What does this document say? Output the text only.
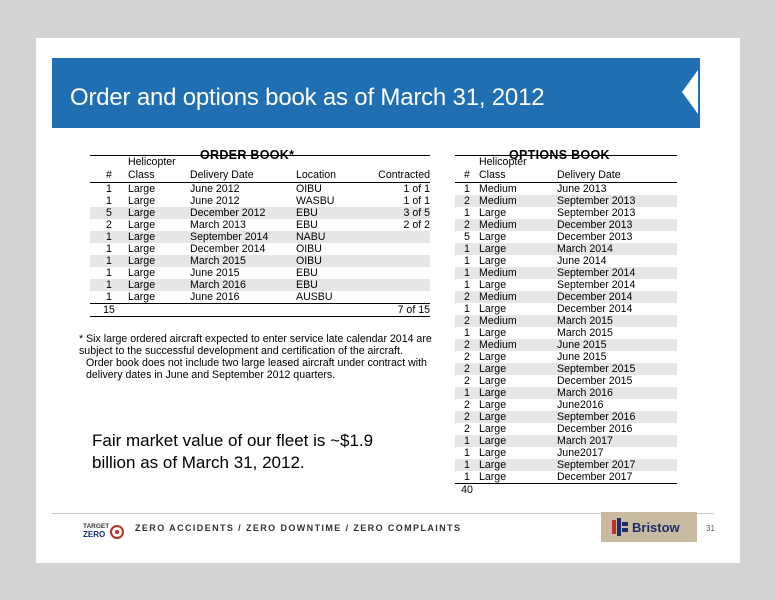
Order and options book as of March 31, 2012
ORDER BOOK*
	Helicopter			
#	Class	Delivery Date	Location	Contracted
1	Large	June 2012	OIBU	1 of 1
1	Large	June 2012	WASBU	1 of 1
5	Large	December 2012	EBU	3 of 5
2	Large	March 2013	EBU	2 of 2
1	Large	September 2014	NABU	
1	Large	December 2014	OIBU	
1	Large	March 2015	OIBU	
1	Large	June 2015	EBU	
1	Large	March 2016	EBU	
1	Large	June 2016	AUSBU	
15				7 of 15
OPTIONS BOOK
	Helicopter	
#	Class	Delivery Date
1	Medium	June 2013
2	Medium	September 2013
1	Large	September 2013
2	Medium	December 2013
5	Large	December 2013
1	Large	March 2014
1	Large	June 2014
1	Medium	September 2014
1	Large	September 2014
2	Medium	December 2014
1	Large	December 2014
2	Medium	March 2015
1	Large	March 2015
2	Medium	June 2015
2	Large	June 2015
2	Large	September 2015
2	Large	December 2015
1	Large	March 2016
2	Large	June2016
2	Large	September 2016
2	Large	December 2016
1	Large	March 2017
1	Large	June2017
1	Large	September 2017
1	Large	December 2017
40		

* Six large ordered aircraft expected to enter service late calendar 2014 are subject to the successful development and certification of the aircraft.

Order book does not include two large leased aircraft under contract with delivery dates in June and September 2012 quarters.

Fair market value of our fleet is ~$1.9 billion as of March 31, 2012.
TARGET
ZERO
ZERO ACCIDENTS / ZERO DOWNTIME / ZERO COMPLAINTS	Bristow	31
